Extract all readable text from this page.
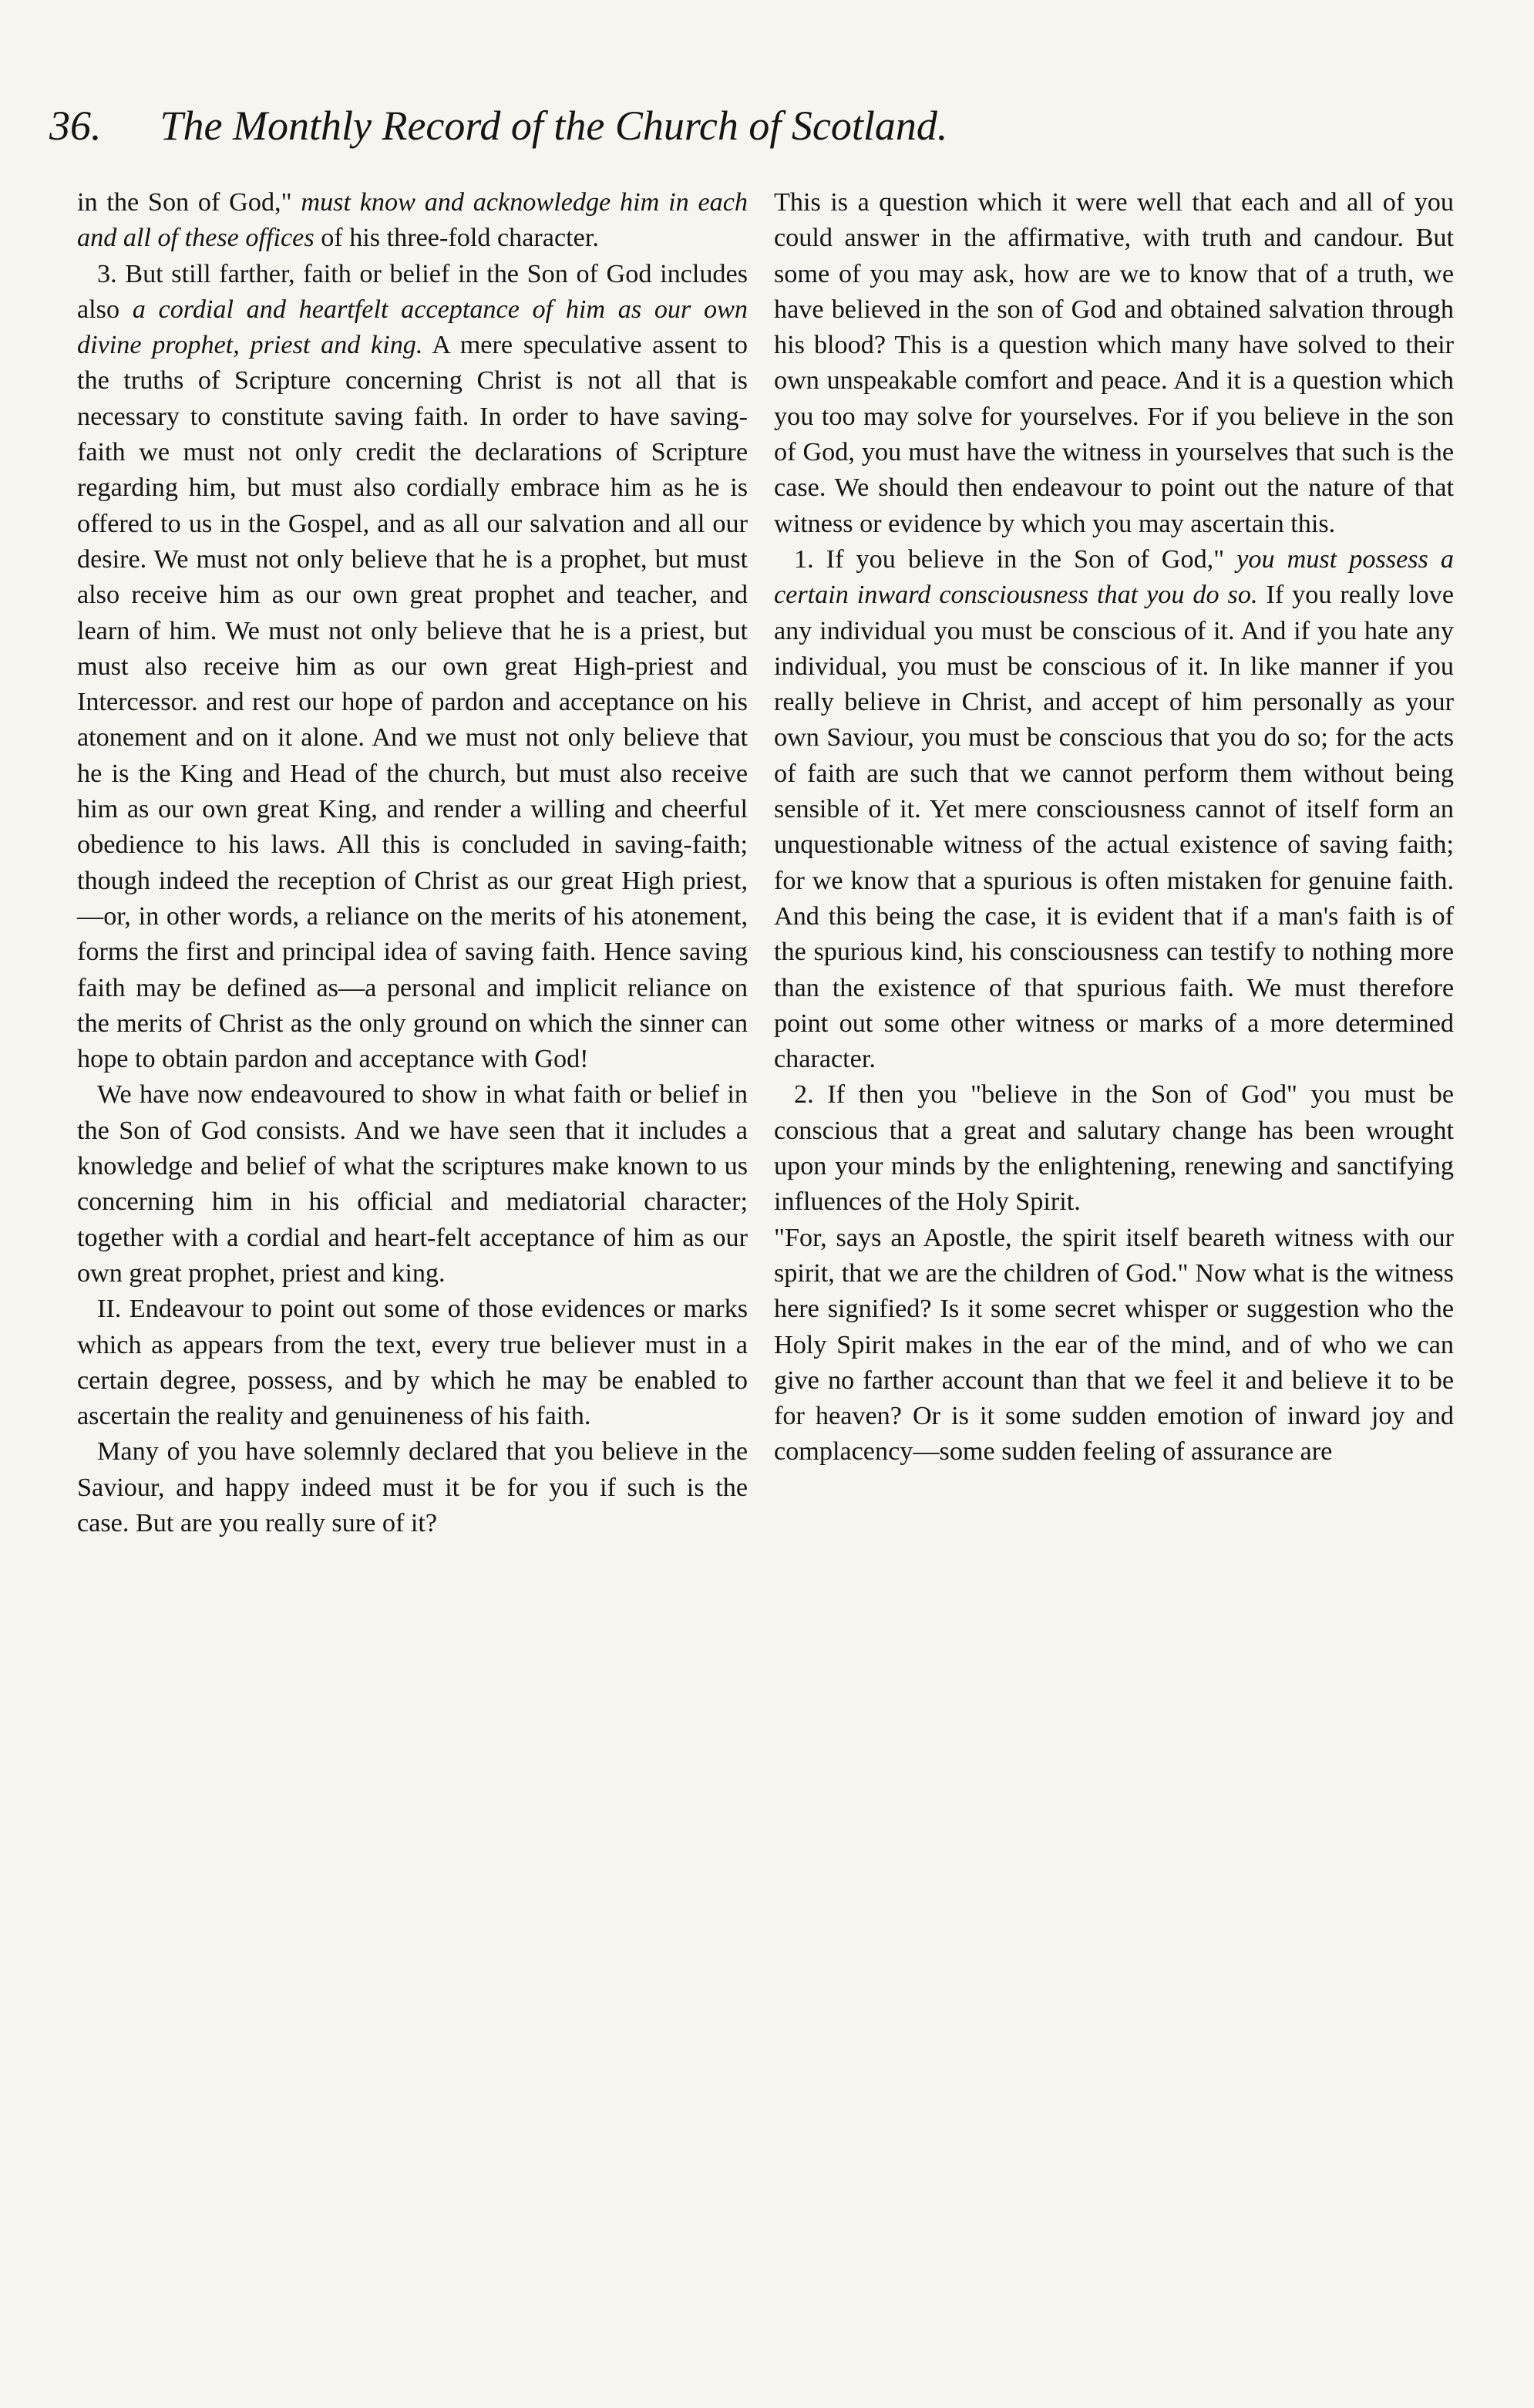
36. The Monthly Record of the Church of Scotland.

in the Son of God," must know and acknowledge him in each and all of these offices of his three-fold character.

3. But still farther, faith or belief in the Son of God includes also a cordial and heartfelt acceptance of him as our own divine prophet, priest and king. A mere speculative assent to the truths of Scripture concerning Christ is not all that is necessary to constitute saving faith. In order to have saving-faith we must not only credit the declarations of Scripture regarding him, but must also cordially embrace him as he is offered to us in the Gospel, and as all our salvation and all our desire. We must not only believe that he is a prophet, but must also receive him as our own great prophet and teacher, and learn of him. We must not only believe that he is a priest, but must also receive him as our own great High-priest and Intercessor. and rest our hope of pardon and acceptance on his atonement and on it alone. And we must not only believe that he is the King and Head of the church, but must also receive him as our own great King, and render a willing and cheerful obedience to his laws. All this is concluded in saving-faith; though indeed the reception of Christ as our great High priest,—or, in other words, a reliance on the merits of his atonement, forms the first and principal idea of saving faith. Hence saving faith may be defined as—a personal and implicit reliance on the merits of Christ as the only ground on which the sinner can hope to obtain pardon and acceptance with God!

We have now endeavoured to show in what faith or belief in the Son of God consists. And we have seen that it includes a knowledge and belief of what the scriptures make known to us concerning him in his official and mediatorial character; together with a cordial and heart-felt acceptance of him as our own great prophet, priest and king.

II. Endeavour to point out some of those evidences or marks which as appears from the text, every true believer must in a certain degree, possess, and by which he may be enabled to ascertain the reality and genuineness of his faith.

Many of you have solemnly declared that you believe in the Saviour, and happy indeed must it be for you if such is the case. But are you really sure of it?

This is a question which it were well that each and all of you could answer in the affirmative, with truth and candour. But some of you may ask, how are we to know that of a truth, we have believed in the son of God and obtained salvation through his blood? This is a question which many have solved to their own unspeakable comfort and peace. And it is a question which you too may solve for yourselves. For if you believe in the son of God, you must have the witness in yourselves that such is the case. We should then endeavour to point out the nature of that witness or evidence by which you may ascertain this.

1. If you believe in the Son of God," you must possess a certain inward consciousness that you do so. If you really love any individual you must be conscious of it. And if you hate any individual, you must be conscious of it. In like manner if you really believe in Christ, and accept of him personally as your own Saviour, you must be conscious that you do so; for the acts of faith are such that we cannot perform them without being sensible of it. Yet mere consciousness cannot of itself form an unquestionable witness of the actual existence of saving faith; for we know that a spurious is often mistaken for genuine faith. And this being the case, it is evident that if a man's faith is of the spurious kind, his consciousness can testify to nothing more than the existence of that spurious faith. We must therefore point out some other witness or marks of a more determined character.

2. If then you "believe in the Son of God" you must be conscious that a great and salutary change has been wrought upon your minds by the enlightening, renewing and sanctifying influences of the Holy Spirit.

"For, says an Apostle, the spirit itself beareth witness with our spirit, that we are the children of God." Now what is the witness here signified? Is it some secret whisper or suggestion who the Holy Spirit makes in the ear of the mind, and of who we can give no farther account than that we feel it and believe it to be for heaven? Or is it some sudden emotion of inward joy and complacency—some sudden feeling of assurance are
